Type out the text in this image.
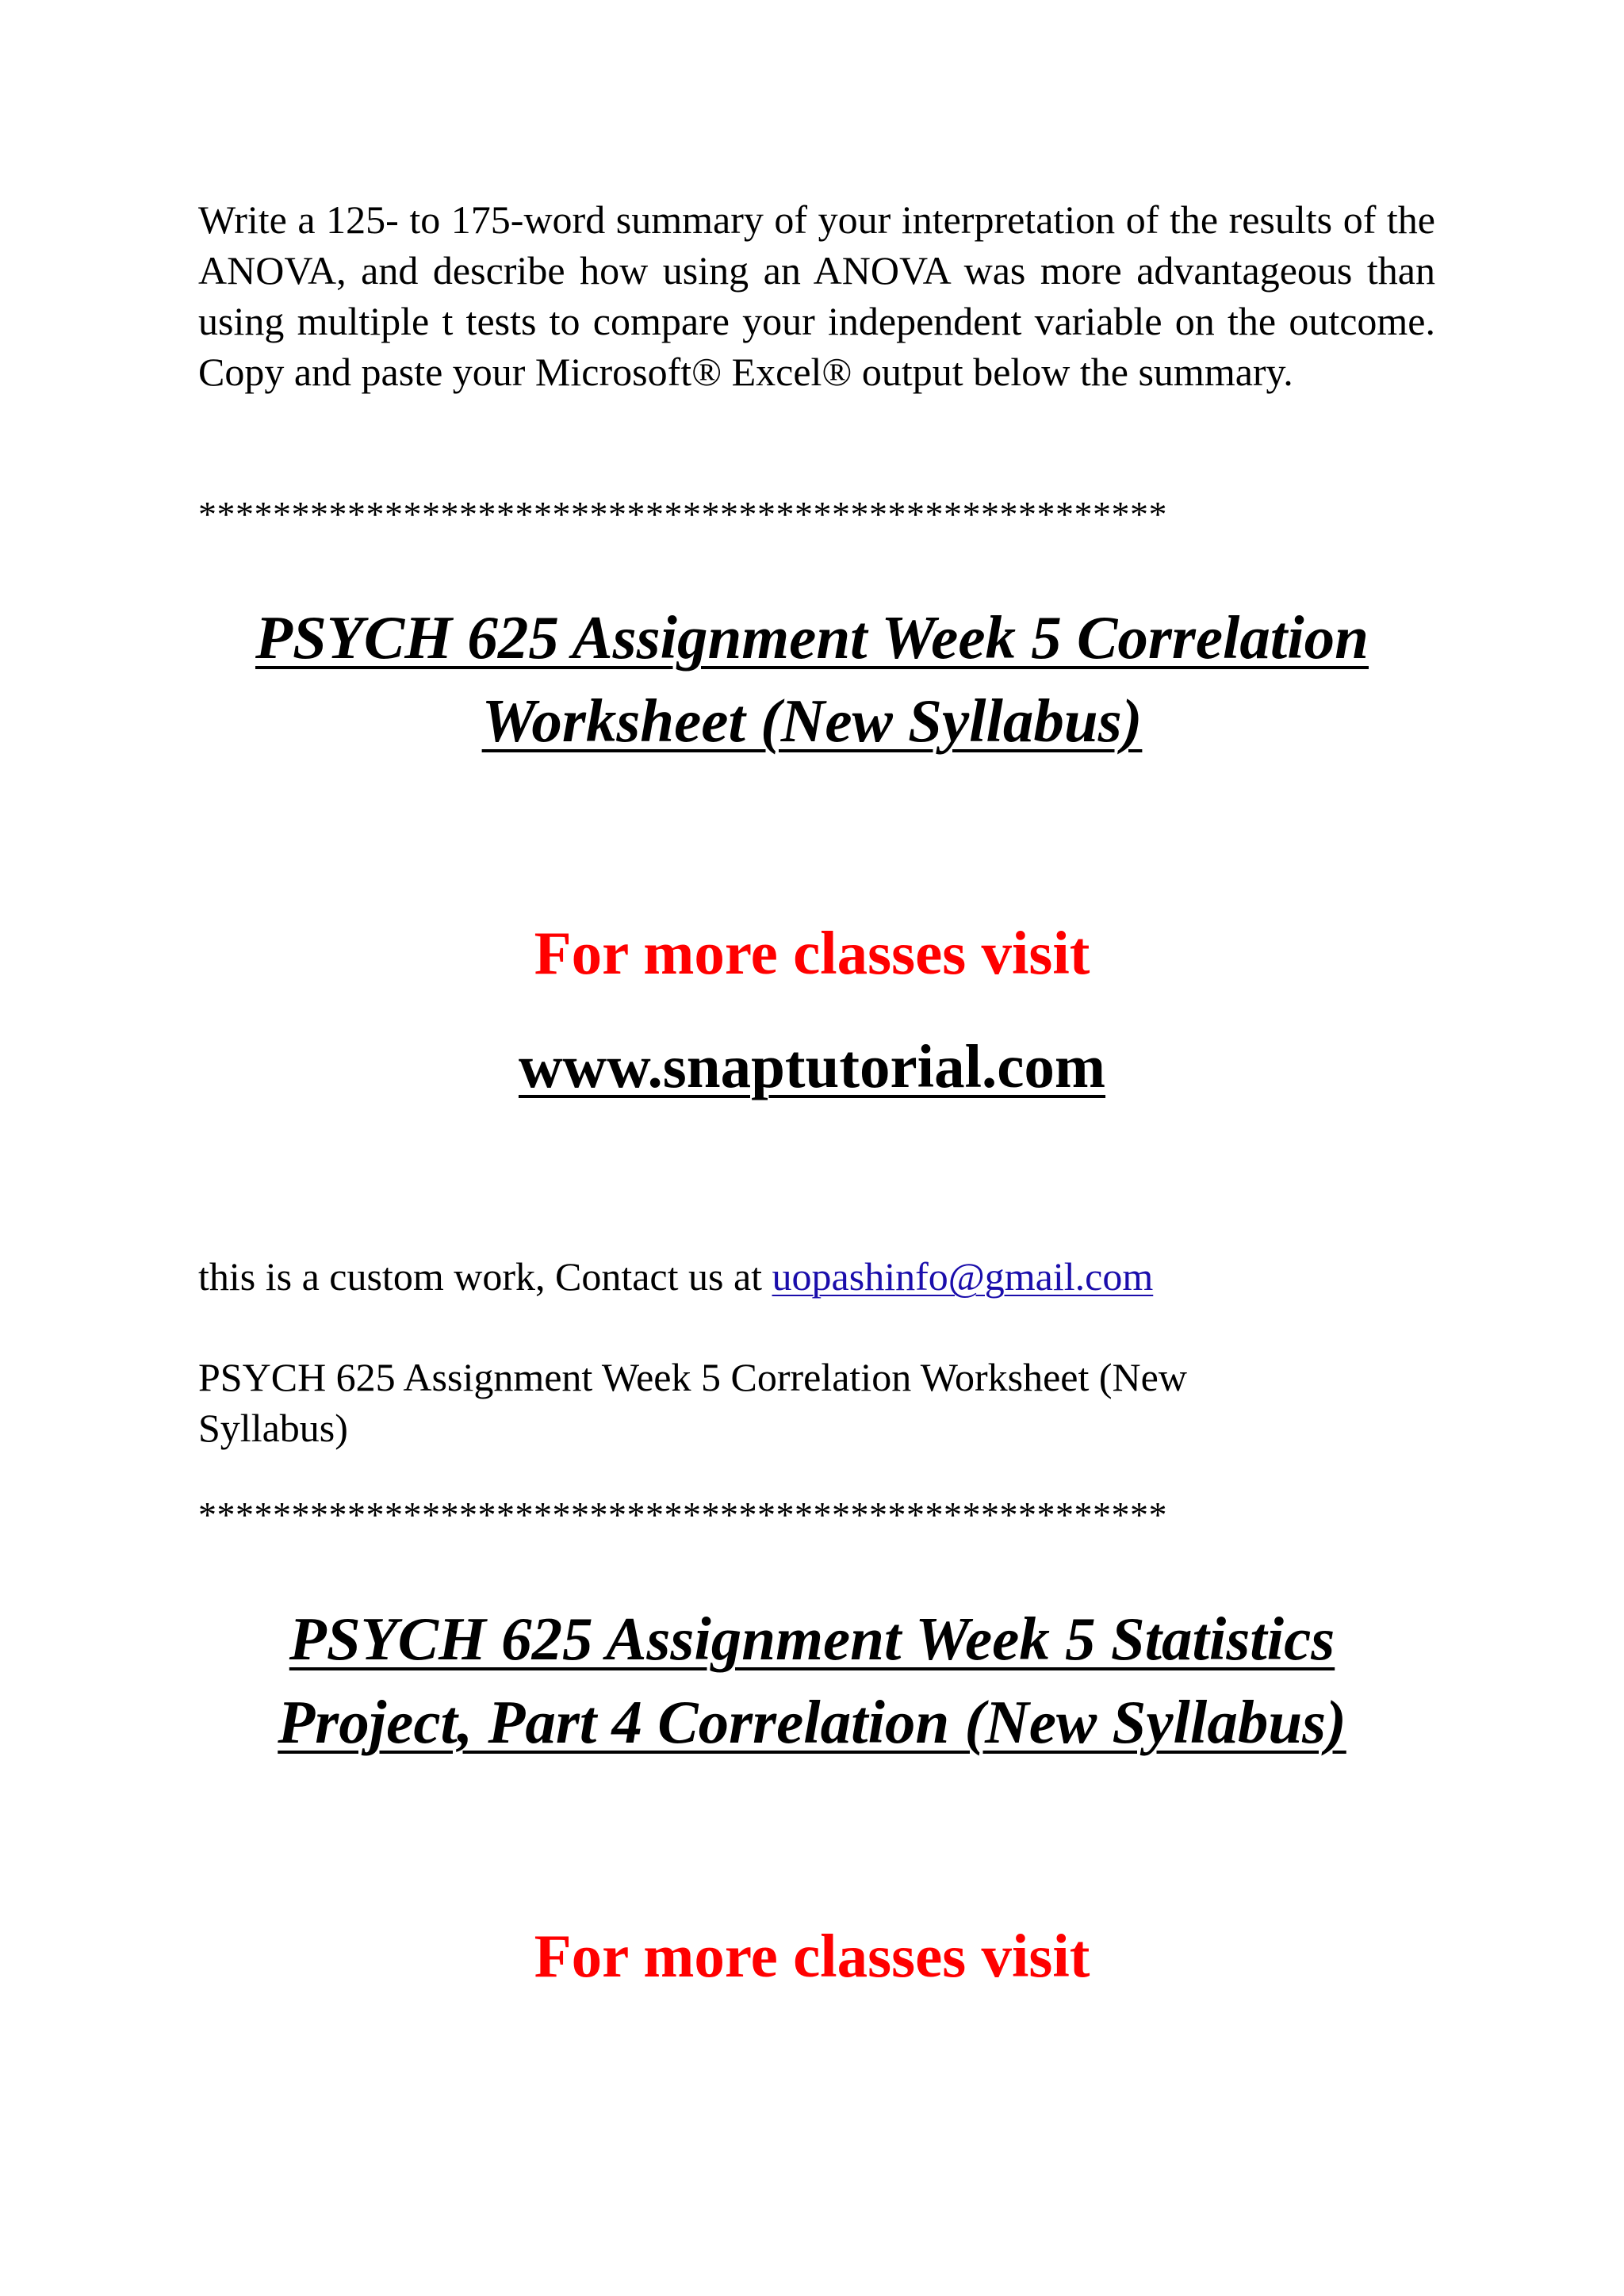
Write a 125- to 175-word summary of your interpretation of the results of the ANOVA, and describe how using an ANOVA was more advantageous than using multiple t tests to compare your independent variable on the outcome. Copy and paste your Microsoft® Excel® output below the summary.

****************************************************

PSYCH 625 Assignment Week 5 Correlation
Worksheet (New Syllabus)

For more classes visit

www.snaptutorial.com

this is a custom work, Contact us at uopashinfo@gmail.com

PSYCH 625 Assignment Week 5 Correlation Worksheet (New Syllabus)

****************************************************

PSYCH 625 Assignment Week 5 Statistics
Project, Part 4 Correlation (New Syllabus)

For more classes visit
